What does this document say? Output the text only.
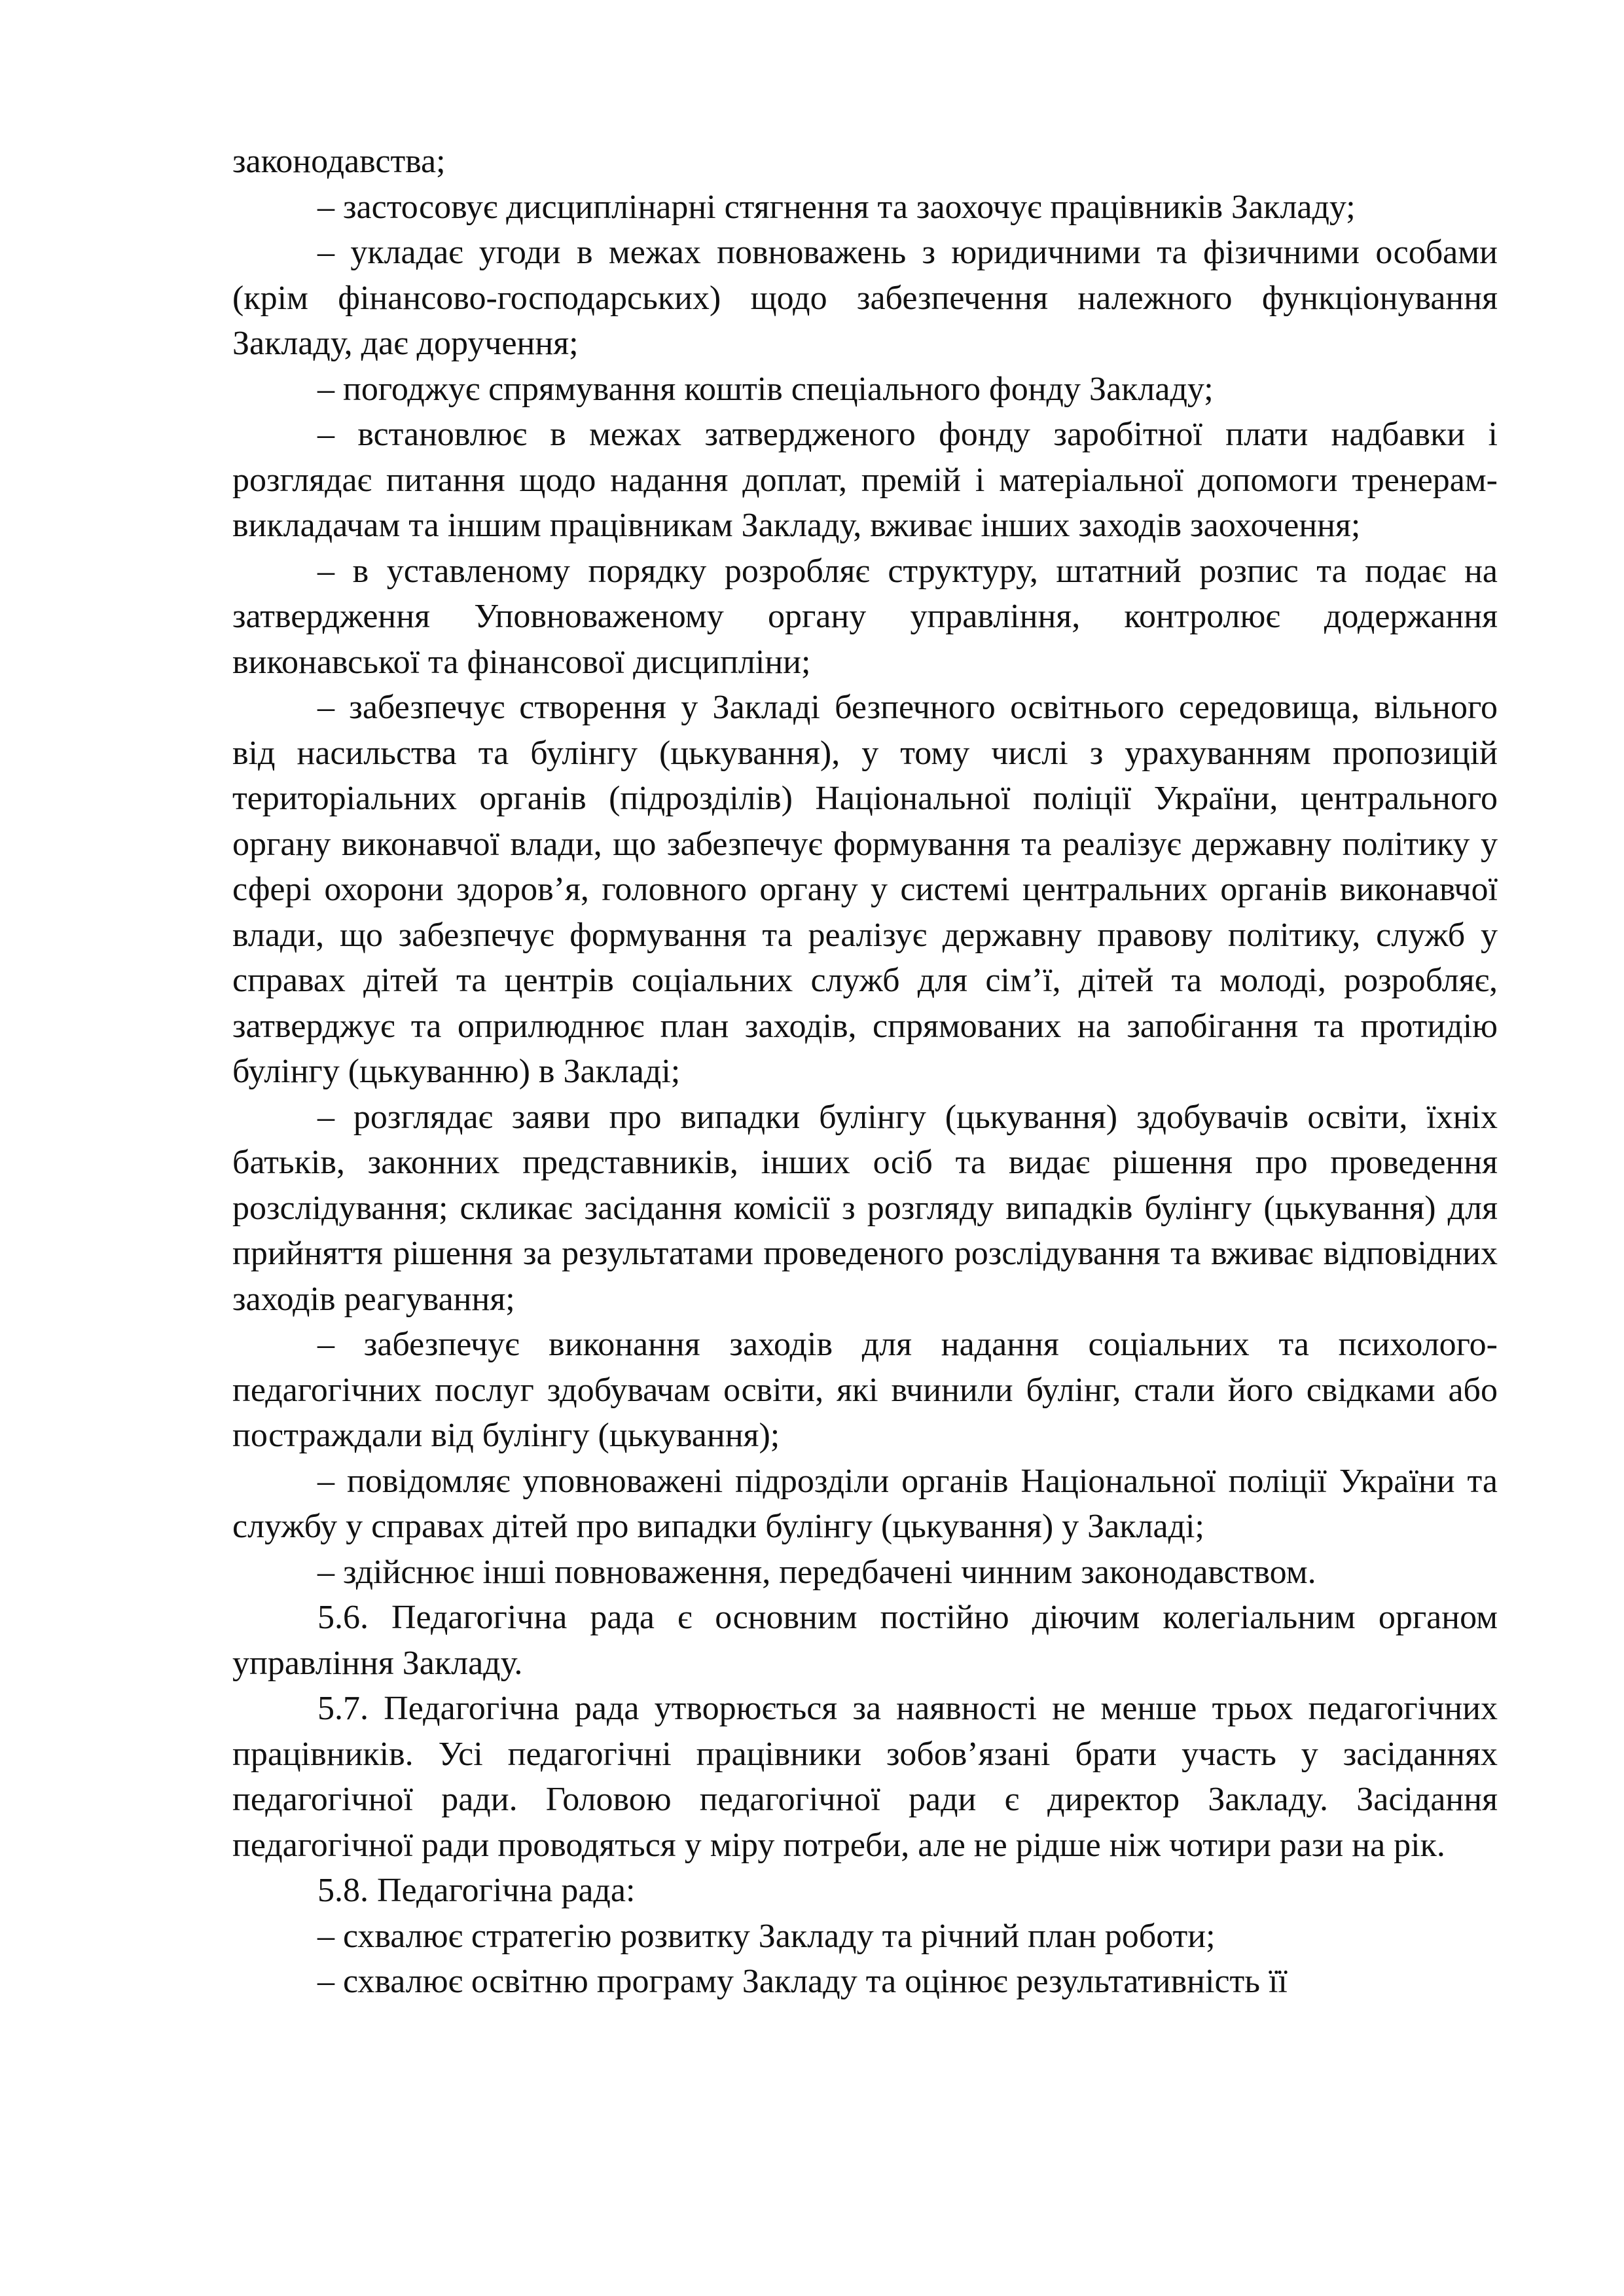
законодавства;

– застосовує дисциплінарні стягнення та заохочує працівників Закладу;

– укладає угоди в межах повноважень з юридичними та фізичними особами (крім фінансово-господарських) щодо забезпечення належного функціонування Закладу, дає доручення;

– погоджує спрямування коштів спеціального фонду Закладу;

– встановлює в межах затвердженого фонду заробітної плати надбавки і розглядає питання щодо надання доплат, премій і матеріальної допомоги тренерам-викладачам та іншим працівникам Закладу, вживає інших заходів заохочення;

– в уставленому порядку розробляє структуру, штатний розпис та подає на затвердження Уповноваженому органу управління, контролює додержання виконавської та фінансової дисципліни;

– забезпечує створення у Закладі безпечного освітнього середовища, вільного від насильства та булінгу (цькування), у тому числі з урахуванням пропозицій територіальних органів (підрозділів) Національної поліції України, центрального органу виконавчої влади, що забезпечує формування та реалізує державну політику у сфері охорони здоров’я, головного органу у системі центральних органів виконавчої влади, що забезпечує формування та реалізує державну правову політику, служб у справах дітей та центрів соціальних служб для сім’ї, дітей та молоді, розробляє, затверджує та оприлюднює план заходів, спрямованих на запобігання та протидію булінгу (цькуванню) в Закладі;

– розглядає заяви про випадки булінгу (цькування) здобувачів освіти, їхніх батьків, законних представників, інших осіб та видає рішення про проведення розслідування; скликає засідання комісії з розгляду випадків булінгу (цькування) для прийняття рішення за результатами проведеного розслідування та вживає відповідних заходів реагування;

– забезпечує виконання заходів для надання соціальних та психолого-педагогічних послуг здобувачам освіти, які вчинили булінг, стали його свідками або постраждали від булінгу (цькування);

– повідомляє уповноважені підрозділи органів Національної поліції України та службу у справах дітей про випадки булінгу (цькування) у Закладі;

– здійснює інші повноваження, передбачені чинним законодавством.

5.6. Педагогічна рада є основним постійно діючим колегіальним органом управління Закладу.

5.7. Педагогічна рада утворюється за наявності не менше трьох педагогічних працівників. Усі педагогічні працівники зобов’язані брати участь у засіданнях педагогічної ради. Головою педагогічної ради є директор Закладу. Засідання педагогічної ради проводяться у міру потреби, але не рідше ніж чотири рази на рік.

5.8. Педагогічна рада:

– схвалює стратегію розвитку Закладу та річний план роботи;

– схвалює освітню програму Закладу та оцінює результативність її
